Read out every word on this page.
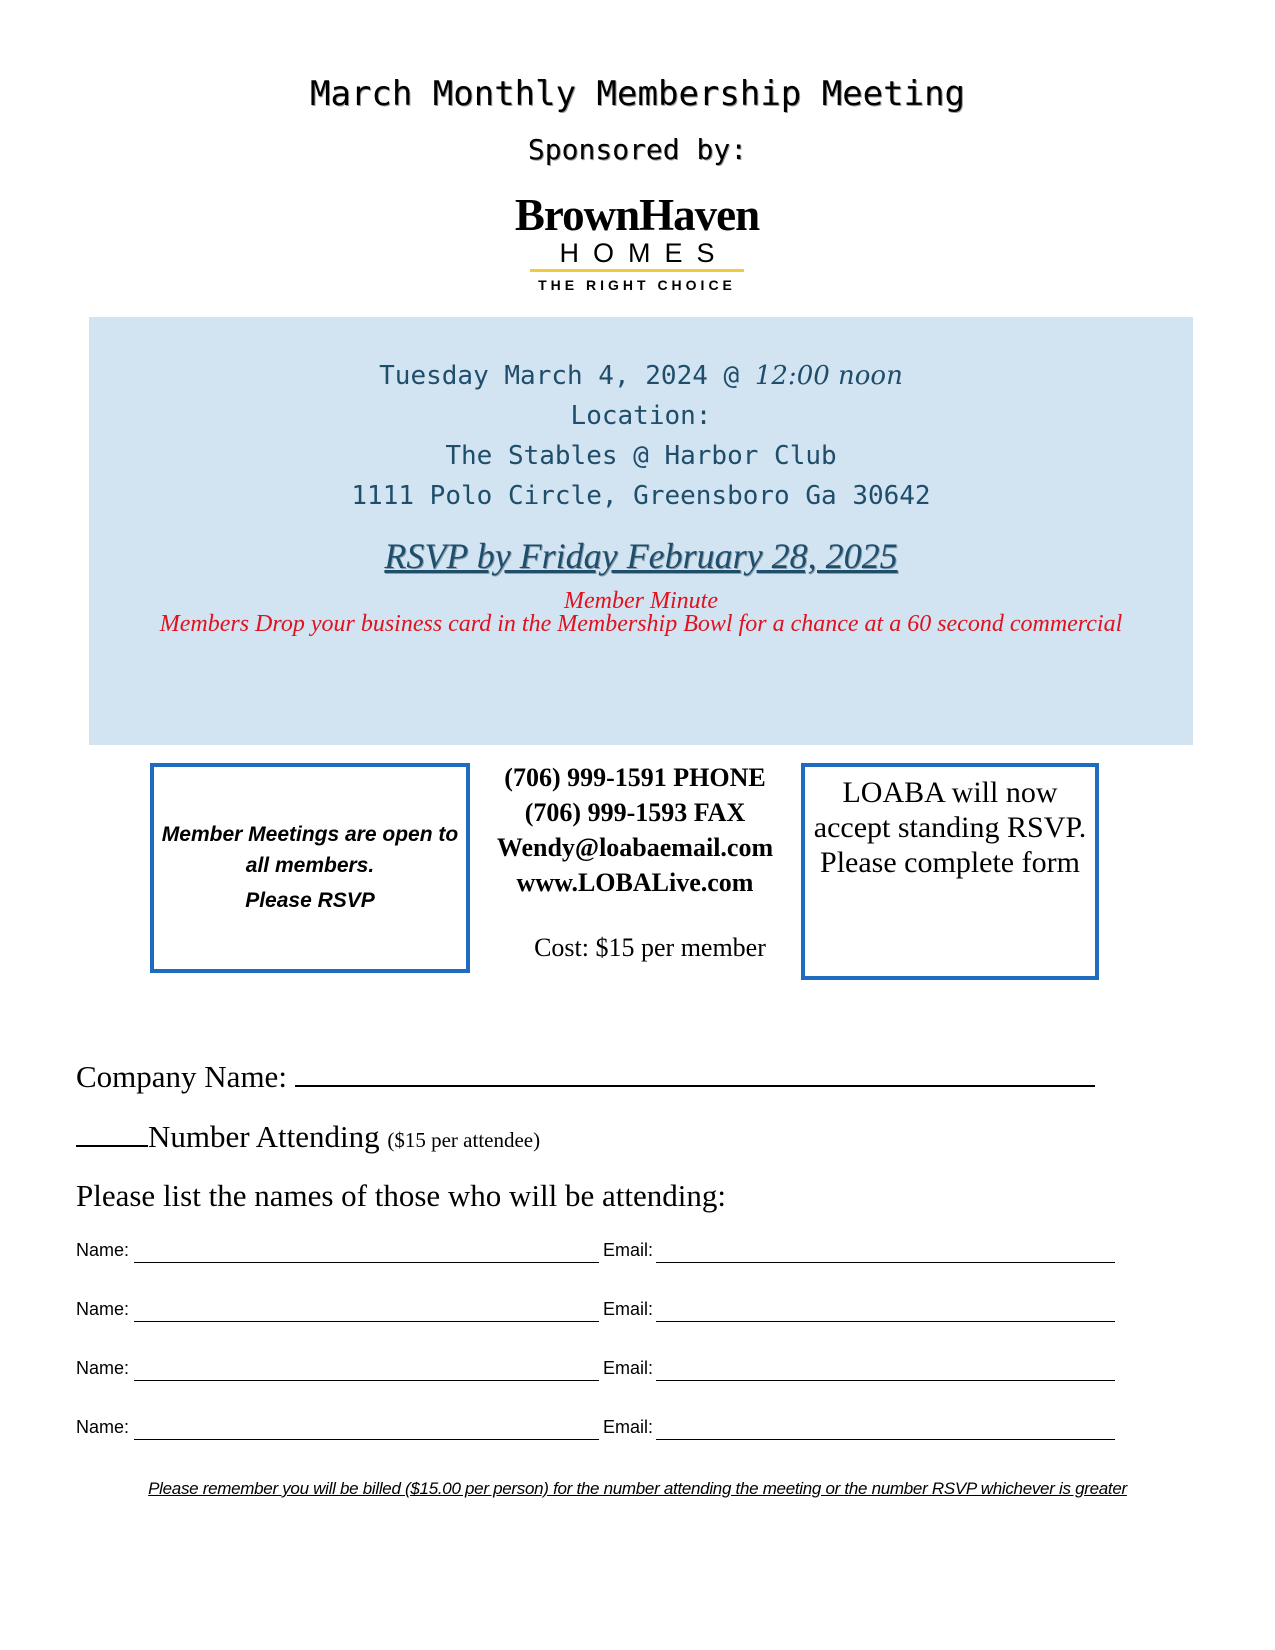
March Monthly Membership Meeting
Sponsored by:
BrownHaven
HOMES
THE RIGHT CHOICE
Tuesday March 4, 2024 @ 12:00 noon
Location:
The Stables @ Harbor Club
1111 Polo Circle, Greensboro Ga 30642
RSVP by Friday February 28, 2025
Member Minute
Members Drop your business card in the Membership Bowl for a chance at a 60 second commercial
Member Meetings are open to all members.
Please RSVP
(706) 999-1591 PHONE
(706) 999-1593 FAX
Wendy@loabaemail.com
www.LOBALive.com
Cost: $15 per member
LOABA will now accept standing RSVP. Please complete form
Company Name:
Number Attending ($15 per attendee)
Please list the names of those who will be attending:
Name:	Email:
Name:	Email:
Name:	Email:
Name:	Email:
Please remember you will be billed ($15.00 per person) for the number attending the meeting or the number RSVP whichever is greater
